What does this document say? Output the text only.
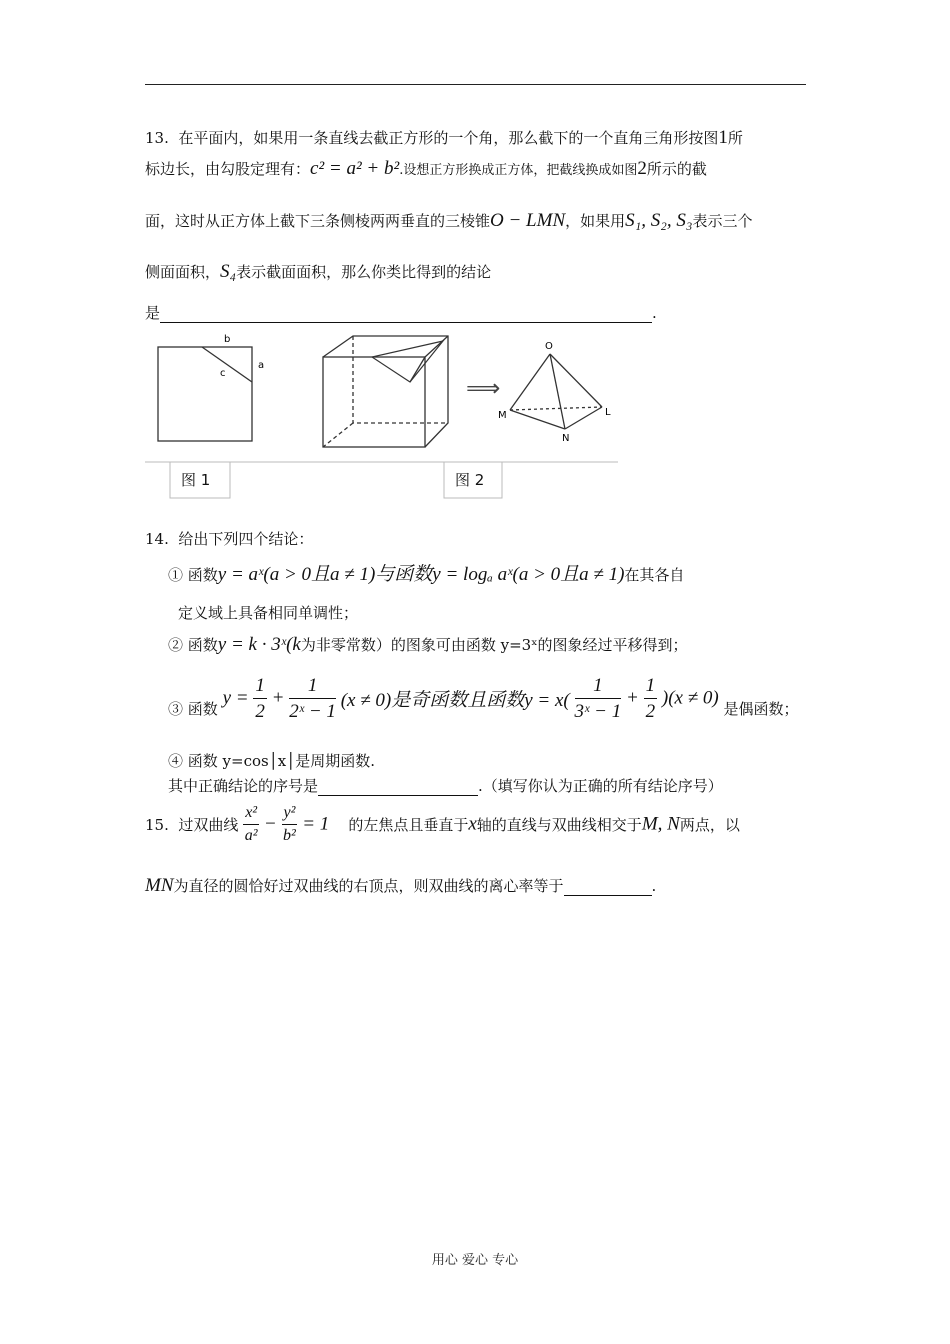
13. 在平面内，如果用一条直线去截正方形的一个角，那么截下的一个直角三角形按图1所
标边长，由勾股定理有：c² = a² + b².设想正方形换成正方体，把截线换成如图2所示的截
面，这时从正方体上截下三条侧棱两两垂直的三棱锥O − LMN，如果用S₁, S₂, S₃表示三个
侧面面积，S₄表示截面面积，那么你类比得到的结论
是	.
b
a
c
⟹
O
M
N
L
图 1	图 2
14. 给出下列四个结论：
① 函数y = aˣ(a > 0且a ≠ 1)与函数y = logₐ aˣ(a > 0且a ≠ 1)在其各自
定义域上具备相同单调性；
② 函数y = k · 3ˣ(k为非零常数）的图象可由函数 y=3ˣ的图象经过平移得到；
③ 函数 $y = \frac{1}{2} + \frac{1}{\text{2ˣ − 1}} (x \ne 0)$是奇函数且函数$y = x( \frac{1}{\text{3ˣ − 1}} + \frac{1}{2} )(x \ne 0)$ 是偶函数；
④ 函数 y=cos│x│是周期函数.
其中正确结论的序号是	.（填写你认为正确的所有结论序号）
15. 过双曲线 $\frac{\text{x²}}{\text{a²}} - \frac{\text{y²}}{\text{b²}} = 1$ 的左焦点且垂直于x轴的直线与双曲线相交于M, N两点，以
MN为直径的圆恰好过双曲线的右顶点，则双曲线的离心率等于	.
用心 爱心 专心
